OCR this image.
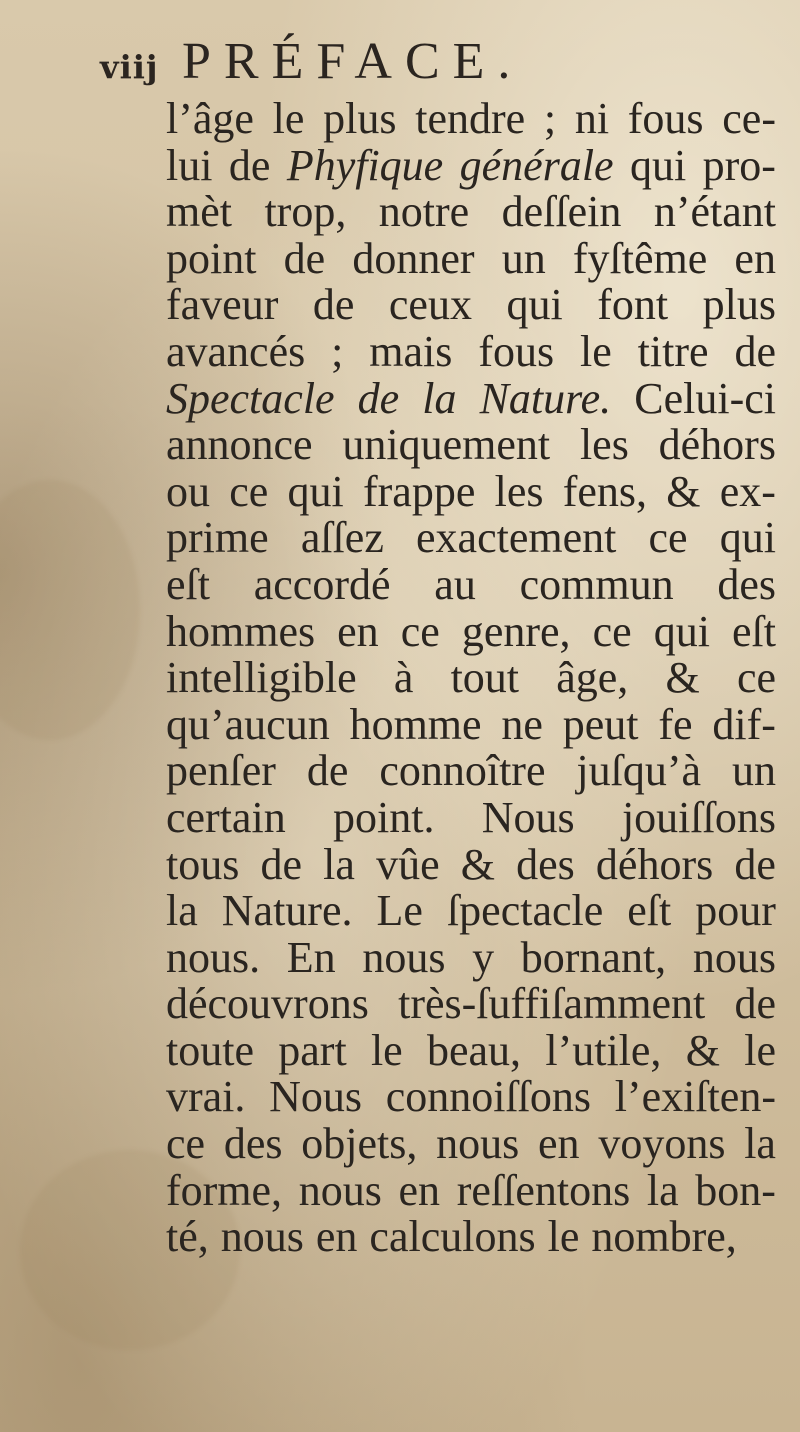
viij PRÉFACE.
l’âge le plus tendre ; ni fous ce-
lui de Phyfique générale qui pro-
mèt trop, notre deſſein n’étant
point de donner un fyſtême en
faveur de ceux qui font plus
avancés ; mais fous le titre de
Spectacle de la Nature. Celui-ci
annonce uniquement les déhors
ou ce qui frappe les fens, & ex-
prime aſſez exactement ce qui
eſt accordé au commun des
hommes en ce genre, ce qui eſt
intelligible à tout âge, & ce
qu’aucun homme ne peut fe dif-
penſer de connoître juſqu’à un
certain point. Nous jouiſſons
tous de la vûe & des déhors de
la Nature. Le ſpectacle eſt pour
nous. En nous y bornant, nous
découvrons très-ſuffiſamment de
toute part le beau, l’utile, & le
vrai. Nous connoiſſons l’exiſten-
ce des objets, nous en voyons la
forme, nous en reſſentons la bon-
té, nous en calculons le nombre,
